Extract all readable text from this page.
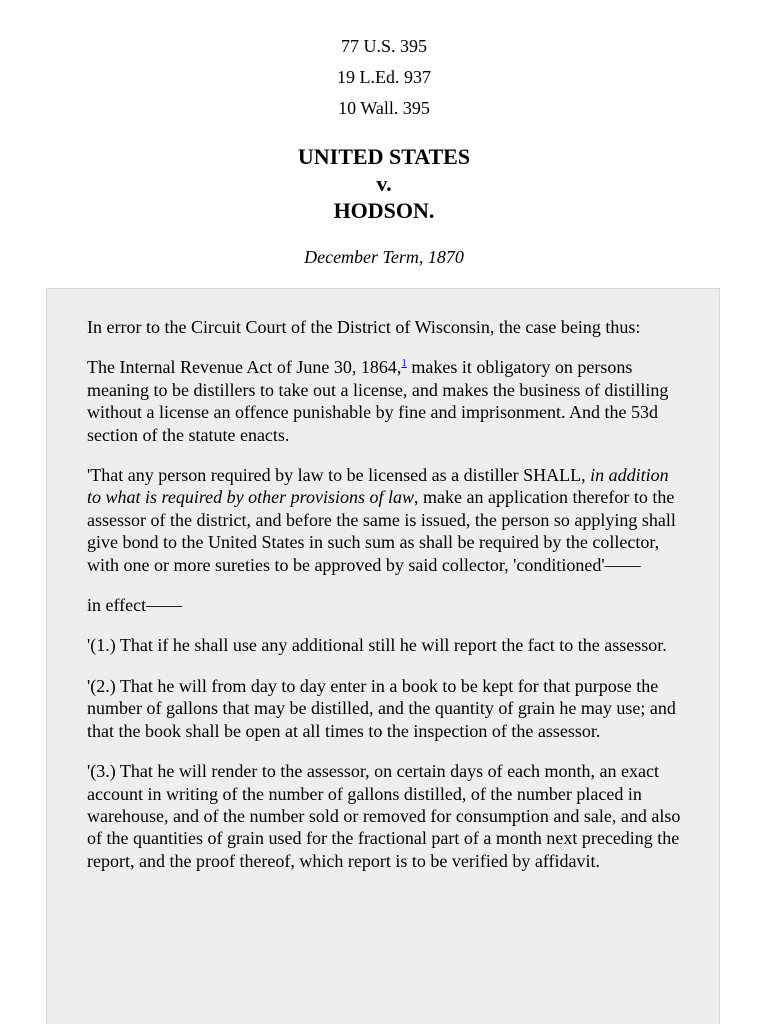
77 U.S. 395
19 L.Ed. 937
10 Wall. 395
UNITED STATES
v.
HODSON.
December Term, 1870

In error to the Circuit Court of the District of Wisconsin, the case being thus:

The Internal Revenue Act of June 30, 1864,$^1$ makes it obligatory on persons meaning to be distillers to take out a license, and makes the business of distilling without a license an offence punishable by fine and imprisonment. And the 53d section of the statute enacts.

'That any person required by law to be licensed as a distiller SHALL, in addition to what is required by other provisions of law, make an application therefor to the assessor of the district, and before the same is issued, the person so applying shall give bond to the United States in such sum as shall be required by the collector, with one or more sureties to be approved by said collector, 'conditioned'——

in effect——

'(1.) That if he shall use any additional still he will report the fact to the assessor.

'(2.) That he will from day to day enter in a book to be kept for that purpose the number of gallons that may be distilled, and the quantity of grain he may use; and that the book shall be open at all times to the inspection of the assessor.

'(3.) That he will render to the assessor, on certain days of each month, an exact account in writing of the number of gallons distilled, of the number placed in warehouse, and of the number sold or removed for consumption and sale, and also of the quantities of grain used for the fractional part of a month next preceding the report, and the proof thereof, which report is to be verified by affidavit.
